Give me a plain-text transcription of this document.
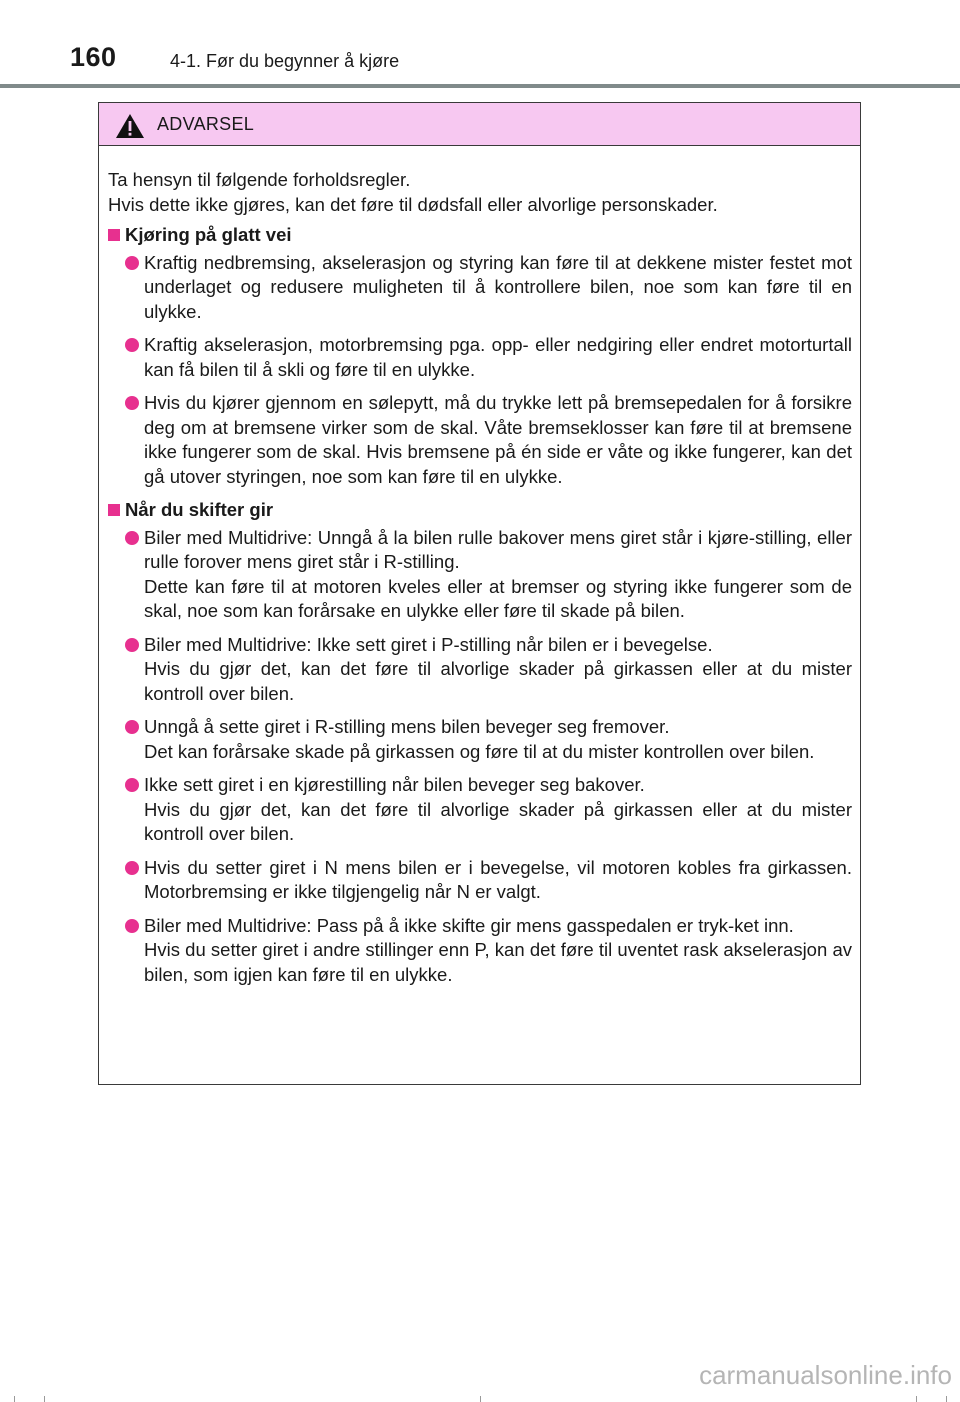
160	4-1. Før du begynner å kjøre
ADVARSEL

Ta hensyn til følgende forholdsregler.

Hvis dette ikke gjøres, kan det føre til dødsfall eller alvorlige personskader.

Kjøring på glatt vei

Kraftig nedbremsing, akselerasjon og styring kan føre til at dekkene mister festet mot underlaget og redusere muligheten til å kontrollere bilen, noe som kan føre til en ulykke.

Kraftig akselerasjon, motorbremsing pga. opp- eller nedgiring eller endret motorturtall kan få bilen til å skli og føre til en ulykke.

Hvis du kjører gjennom en sølepytt, må du trykke lett på bremsepedalen for å forsikre deg om at bremsene virker som de skal. Våte bremseklosser kan føre til at bremsene ikke fungerer som de skal. Hvis bremsene på én side er våte og ikke fungerer, kan det gå utover styringen, noe som kan føre til en ulykke.

Når du skifter gir

Biler med Multidrive: Unngå å la bilen rulle bakover mens giret står i kjøre-stilling, eller rulle forover mens giret står i R-stilling.

Dette kan føre til at motoren kveles eller at bremser og styring ikke fungerer som de skal, noe som kan forårsake en ulykke eller føre til skade på bilen.

Biler med Multidrive: Ikke sett giret i P-stilling når bilen er i bevegelse.

Hvis du gjør det, kan det føre til alvorlige skader på girkassen eller at du mister kontroll over bilen.

Unngå å sette giret i R-stilling mens bilen beveger seg fremover.

Det kan forårsake skade på girkassen og føre til at du mister kontrollen over bilen.

Ikke sett giret i en kjørestilling når bilen beveger seg bakover.

Hvis du gjør det, kan det føre til alvorlige skader på girkassen eller at du mister kontroll over bilen.

Hvis du setter giret i N mens bilen er i bevegelse, vil motoren kobles fra girkassen. Motorbremsing er ikke tilgjengelig når N er valgt.

Biler med Multidrive: Pass på å ikke skifte gir mens gasspedalen er tryk-ket inn.

Hvis du setter giret i andre stillinger enn P, kan det føre til uventet rask akselerasjon av bilen, som igjen kan føre til en ulykke.

carmanualsonline.info
